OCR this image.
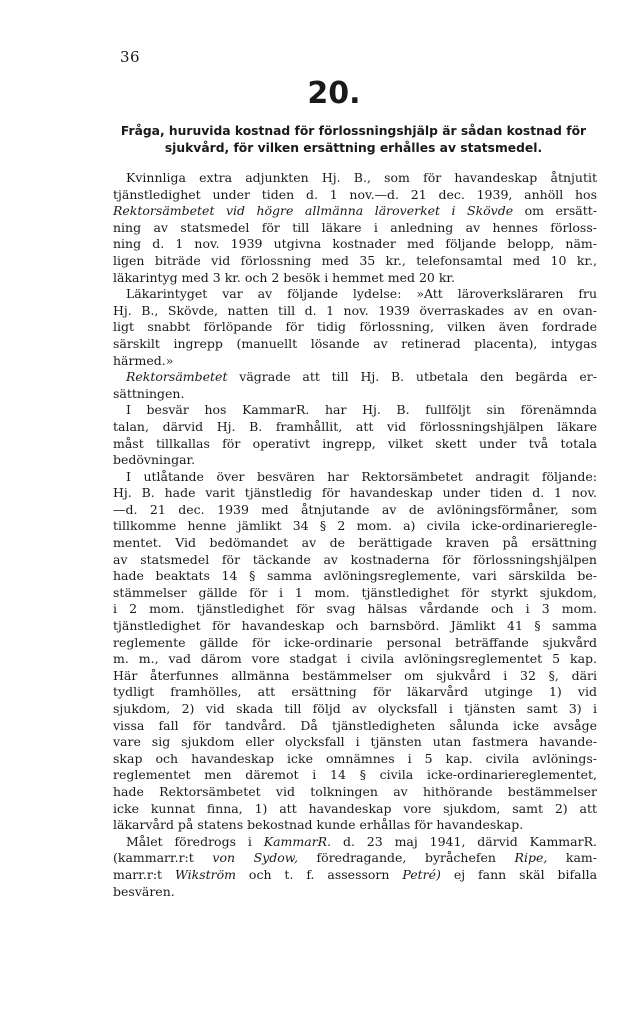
36
20.
Fråga, huruvida kostnad för förlossningshjälp är sådan kostnad för
sjukvård, för vilken ersättning erhålles av statsmedel.
Kvinnliga extra adjunkten Hj. B., som för havandeskap åtnjutit
tjänstledighet under tiden d. 1 nov.—d. 21 dec. 1939, anhöll hos
Rektorsämbetet vid högre allmänna läroverket i Skövde om ersätt-
ning av statsmedel för till läkare i anledning av hennes förloss-
ning d. 1 nov. 1939 utgivna kostnader med följande belopp, näm-
ligen biträde vid förlossning med 35 kr., telefonsamtal med 10 kr.,
läkarintyg med 3 kr. och 2 besök i hemmet med 20 kr.
Läkarintyget var av följande lydelse: »Att läroverksläraren fru
Hj. B., Skövde, natten till d. 1 nov. 1939 överraskades av en ovan-
ligt snabbt förlöpande för tidig förlossning, vilken även fordrade
särskilt ingrepp (manuellt lösande av retinerad placenta), intygas
härmed.»
Rektorsämbetet vägrade att till Hj. B. utbetala den begärda er-
sättningen.
I besvär hos KammarR. har Hj. B. fullföljt sin förenämnda
talan, därvid Hj. B. framhållit, att vid förlossningshjälpen läkare
måst tillkallas för operativt ingrepp, vilket skett under två totala
bedövningar.
I utlåtande över besvären har Rektorsämbetet andragit följande:
Hj. B. hade varit tjänstledig för havandeskap under tiden d. 1 nov.
—d. 21 dec. 1939 med åtnjutande av de avlöningsförmåner, som
tillkomme henne jämlikt 34 § 2 mom. a) civila icke-ordinarieregle-
mentet. Vid bedömandet av de berättigade kraven på ersättning
av statsmedel för täckande av kostnaderna för förlossningshjälpen
hade beaktats 14 § samma avlöningsreglemente, vari särskilda be-
stämmelser gällde för i 1 mom. tjänstledighet för styrkt sjukdom,
i 2 mom. tjänstledighet för svag hälsas vårdande och i 3 mom.
tjänstledighet för havandeskap och barnsbörd. Jämlikt 41 § samma
reglemente gällde för icke-ordinarie personal beträffande sjukvård
m. m., vad därom vore stadgat i civila avlöningsreglementet 5 kap.
Här återfunnes allmänna bestämmelser om sjukvård i 32 §, däri
tydligt framhölles, att ersättning för läkarvård utginge 1) vid
sjukdom, 2) vid skada till följd av olycksfall i tjänsten samt 3) i
vissa fall för tandvård. Då tjänstledigheten sålunda icke avsåge
vare sig sjukdom eller olycksfall i tjänsten utan fastmera havande-
skap och havandeskap icke omnämnes i 5 kap. civila avlönings-
reglementet men däremot i 14 § civila icke-ordinariereglementet,
hade Rektorsämbetet vid tolkningen av hithörande bestämmelser
icke kunnat finna, 1) att havandeskap vore sjukdom, samt 2) att
läkarvård på statens bekostnad kunde erhållas för havandeskap.
Målet föredrogs i KammarR. d. 23 maj 1941, därvid KammarR.
(kammarr.r:t von Sydow, föredragande, byråchefen Ripe, kam-
marr.r:t Wikström och t. f. assessorn Petré) ej fann skäl bifalla
besvären.
